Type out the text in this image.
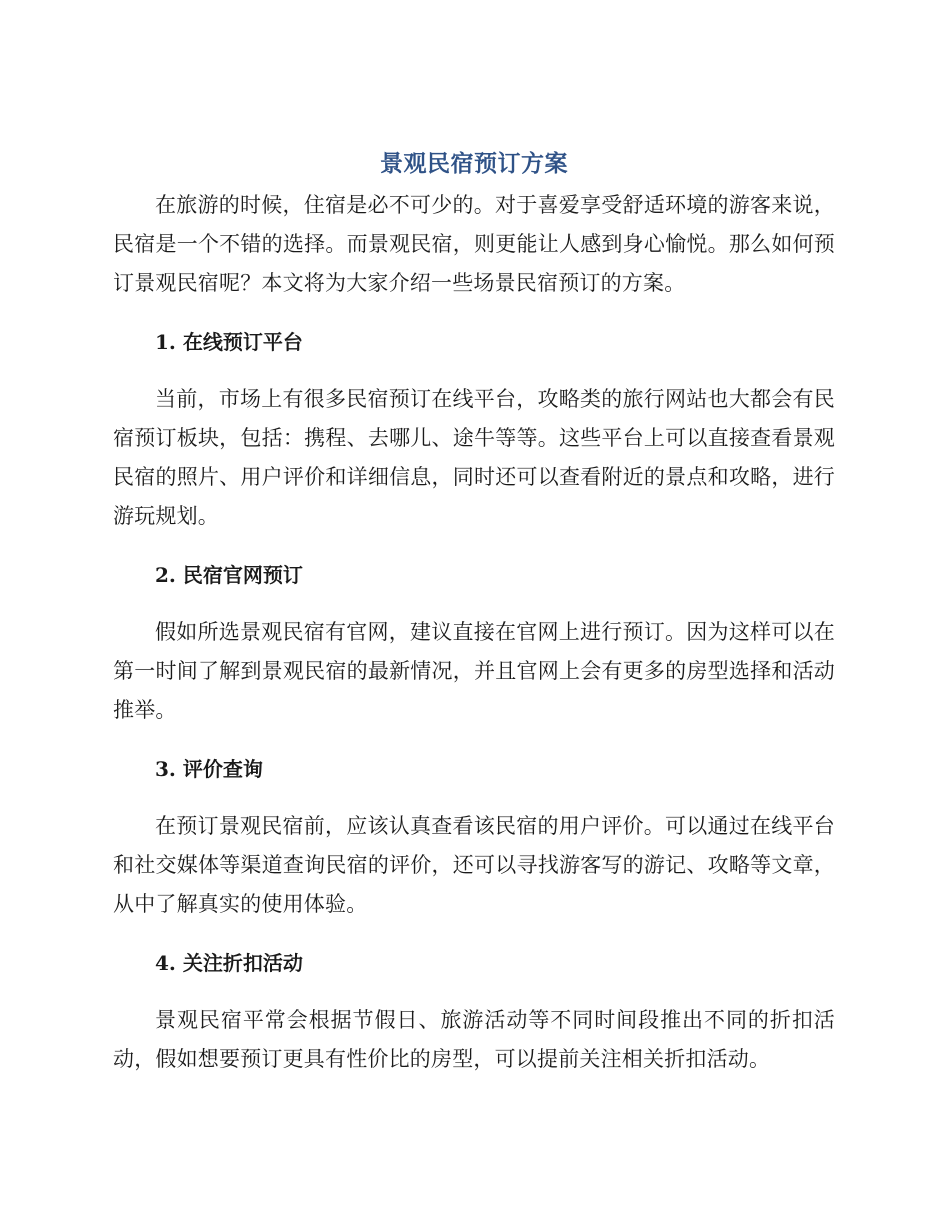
景观民宿预订方案

在旅游的时候，住宿是必不可少的。对于喜爱享受舒适环境的游客来说，民宿是一个不错的选择。而景观民宿，则更能让人感到身心愉悦。那么如何预订景观民宿呢？本文将为大家介绍一些场景民宿预订的方案。

1. 在线预订平台

当前，市场上有很多民宿预订在线平台，攻略类的旅行网站也大都会有民宿预订板块，包括：携程、去哪儿、途牛等等。这些平台上可以直接查看景观民宿的照片、用户评价和详细信息，同时还可以查看附近的景点和攻略，进行游玩规划。

2. 民宿官网预订

假如所选景观民宿有官网，建议直接在官网上进行预订。因为这样可以在第一时间了解到景观民宿的最新情况，并且官网上会有更多的房型选择和活动推举。

3. 评价查询

在预订景观民宿前，应该认真查看该民宿的用户评价。可以通过在线平台和社交媒体等渠道查询民宿的评价，还可以寻找游客写的游记、攻略等文章，从中了解真实的使用体验。

4. 关注折扣活动

景观民宿平常会根据节假日、旅游活动等不同时间段推出不同的折扣活动，假如想要预订更具有性价比的房型，可以提前关注相关折扣活动。
